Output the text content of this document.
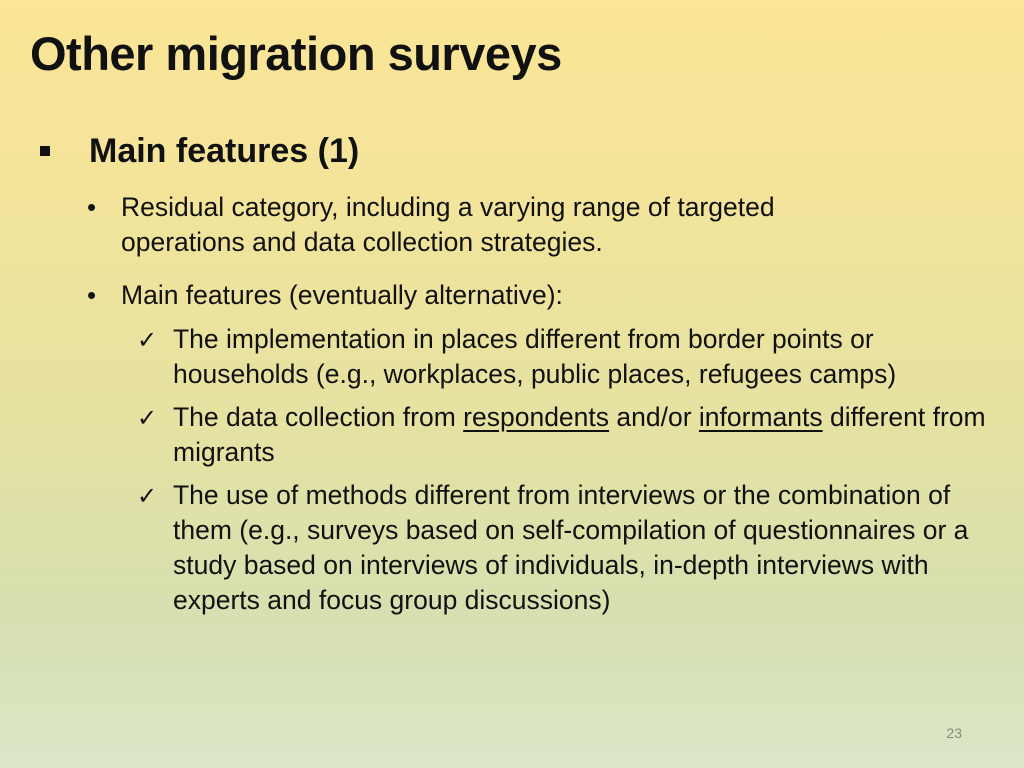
Other migration surveys
Main features (1)
• Residual category, including a varying range of targeted operations and data collection strategies.
• Main features (eventually alternative):
✓ The implementation in places different from border points or households (e.g., workplaces, public places, refugees camps)
✓ The data collection from respondents and/or informants different from migrants
✓ The use of methods different from interviews or the combination of them (e.g., surveys based on self-compilation of questionnaires or a study based on interviews of individuals, in-depth interviews with experts and focus group discussions)
23
